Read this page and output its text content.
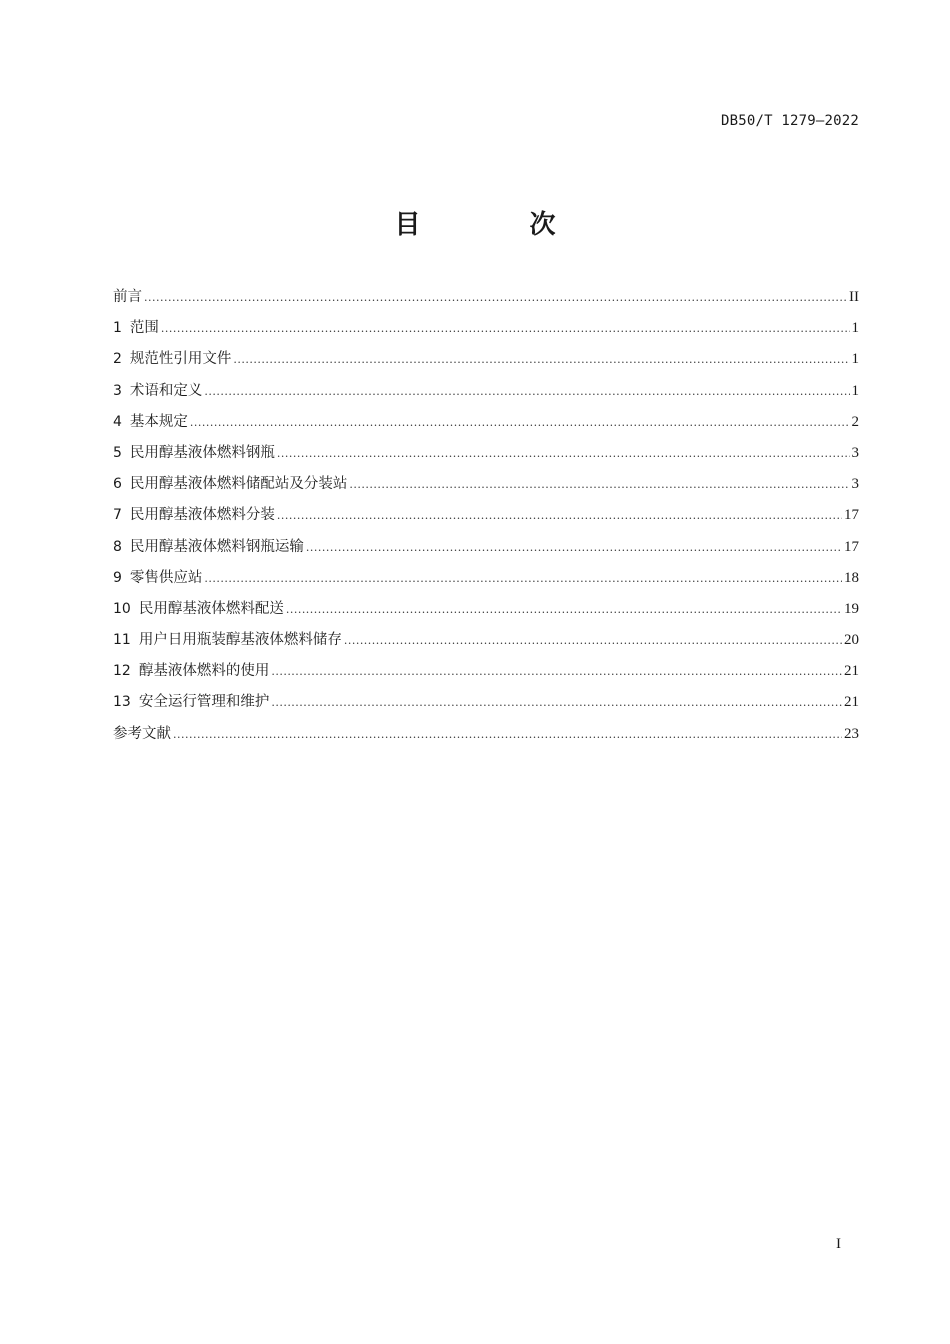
DB50/T 1279—2022
目 次
前言 .....	II
1 范围 .....	1
2 规范性引用文件 .....	1
3 术语和定义 .....	1
4 基本规定 .....	2
5 民用醇基液体燃料钢瓶 .....	3
6 民用醇基液体燃料储配站及分装站 .....	3
7 民用醇基液体燃料分装 .....	17
8 民用醇基液体燃料钢瓶运输 .....	17
9 零售供应站 .....	18
10 民用醇基液体燃料配送 .....	19
11 用户日用瓶装醇基液体燃料储存 .....	20
12 醇基液体燃料的使用 .....	21
13 安全运行管理和维护 .....	21
参考文献 .....	23
I
